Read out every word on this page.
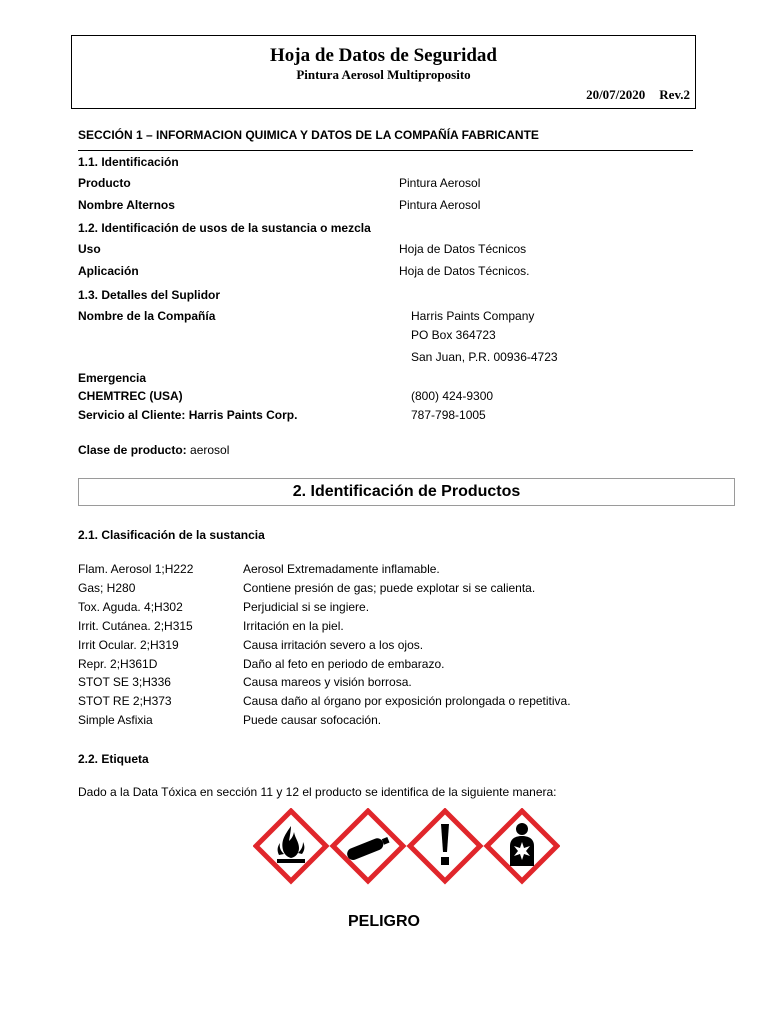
Hoja de Datos de Seguridad
Pintura Aerosol Multiproposito
20/07/2020 Rev.2
SECCIÓN 1 – INFORMACION QUIMICA Y DATOS DE LA COMPAÑÍA FABRICANTE
1.1. Identificación
Producto	Pintura Aerosol
Nombre Alternos	Pintura Aerosol
1.2. Identificación de usos de la sustancia o mezcla
Uso	Hoja de Datos Técnicos
Aplicación	Hoja de Datos Técnicos.
1.3. Detalles del Suplidor
Nombre de la Compañía	Harris Paints Company
PO Box 364723
San Juan, P.R. 00936-4723
Emergencia
CHEMTREC (USA)	(800) 424-9300
Servicio al Cliente: Harris Paints Corp.	787-798-1005
Clase de producto: aerosol
2. Identificación de Productos
2.1. Clasificación de la sustancia
Flam. Aerosol 1;H222	Aerosol Extremadamente inflamable.
Gas; H280	Contiene presión de gas; puede explotar si se calienta.
Tox. Aguda. 4;H302	Perjudicial si se ingiere.
Irrit. Cutánea. 2;H315	Irritación en la piel.
Irrit Ocular. 2;H319	Causa irritación severo a los ojos.
Repr. 2;H361D	Daño al feto en periodo de embarazo.
STOT SE 3;H336	Causa mareos y visión borrosa.
STOT RE 2;H373	Causa daño al órgano por exposición prolongada o repetitiva.
Simple Asfixia	Puede causar sofocación.
2.2. Etiqueta
Dado a la Data Tóxica en sección 11 y 12 el producto se identifica de la siguiente manera:
PELIGRO
